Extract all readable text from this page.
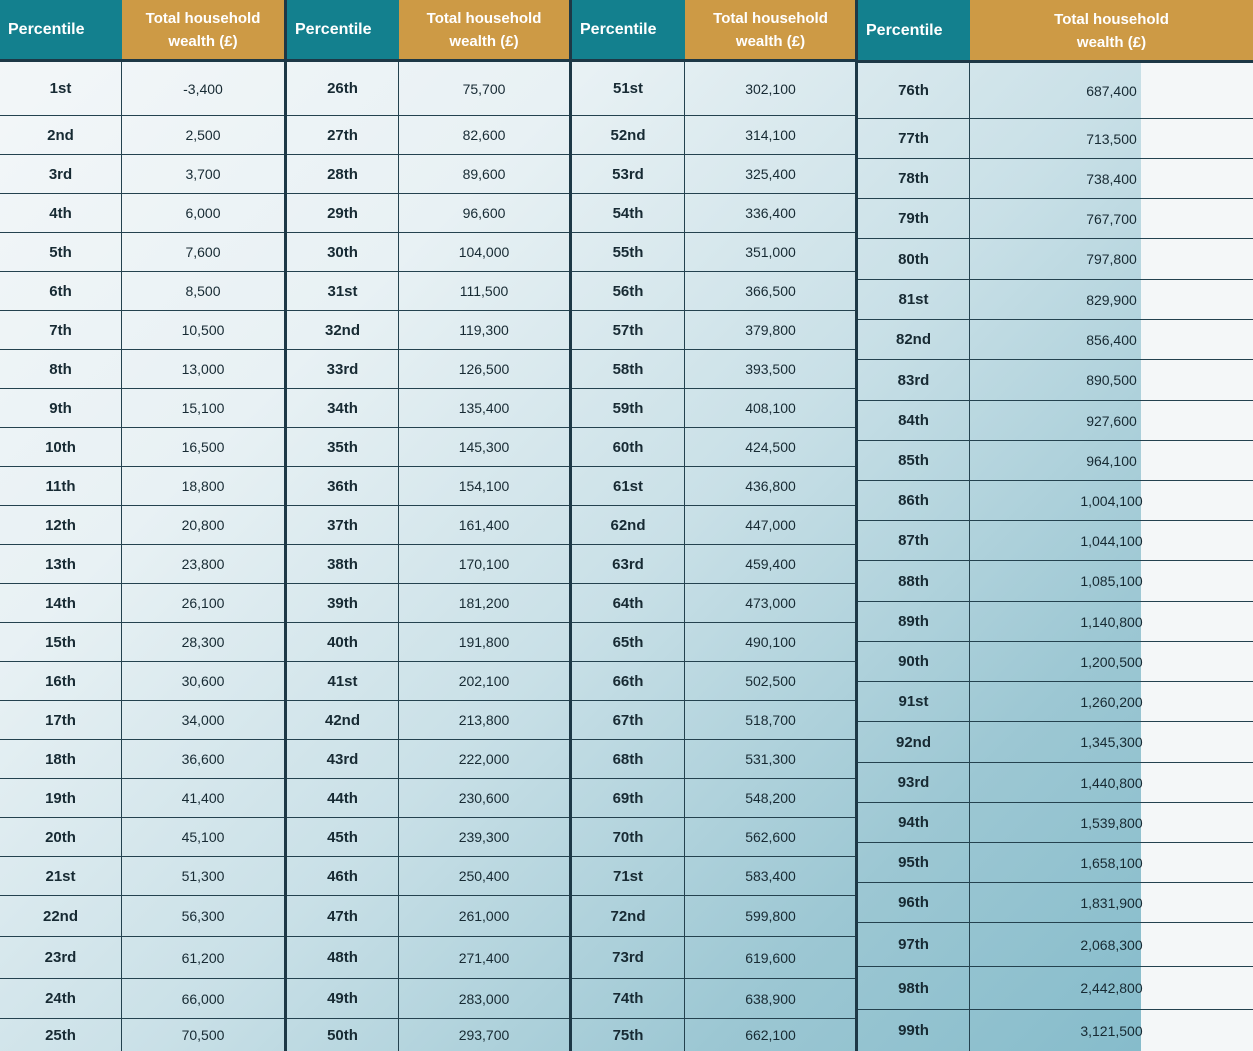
Percentile
Total household
wealth (£)
1st	-3,400
2nd	2,500
3rd	3,700
4th	6,000
5th	7,600
6th	8,500
7th	10,500
8th	13,000
9th	15,100
10th	16,500
11th	18,800
12th	20,800
13th	23,800
14th	26,100
15th	28,300
16th	30,600
17th	34,000
18th	36,600
19th	41,400
20th	45,100
21st	51,300
22nd	56,300
23rd	61,200
24th	66,000
25th	70,500
Percentile
Total household
wealth (£)
26th	75,700
27th	82,600
28th	89,600
29th	96,600
30th	104,000
31st	111,500
32nd	119,300
33rd	126,500
34th	135,400
35th	145,300
36th	154,100
37th	161,400
38th	170,100
39th	181,200
40th	191,800
41st	202,100
42nd	213,800
43rd	222,000
44th	230,600
45th	239,300
46th	250,400
47th	261,000
48th	271,400
49th	283,000
50th	293,700
Percentile
Total household
wealth (£)
51st	302,100
52nd	314,100
53rd	325,400
54th	336,400
55th	351,000
56th	366,500
57th	379,800
58th	393,500
59th	408,100
60th	424,500
61st	436,800
62nd	447,000
63rd	459,400
64th	473,000
65th	490,100
66th	502,500
67th	518,700
68th	531,300
69th	548,200
70th	562,600
71st	583,400
72nd	599,800
73rd	619,600
74th	638,900
75th	662,100
Percentile
Total household
wealth (£)
76th	687,400
77th	713,500
78th	738,400
79th	767,700
80th	797,800
81st	829,900
82nd	856,400
83rd	890,500
84th	927,600
85th	964,100
86th	1,004,100
87th	1,044,100
88th	1,085,100
89th	1,140,800
90th	1,200,500
91st	1,260,200
92nd	1,345,300
93rd	1,440,800
94th	1,539,800
95th	1,658,100
96th	1,831,900
97th	2,068,300
98th	2,442,800
99th	3,121,500
